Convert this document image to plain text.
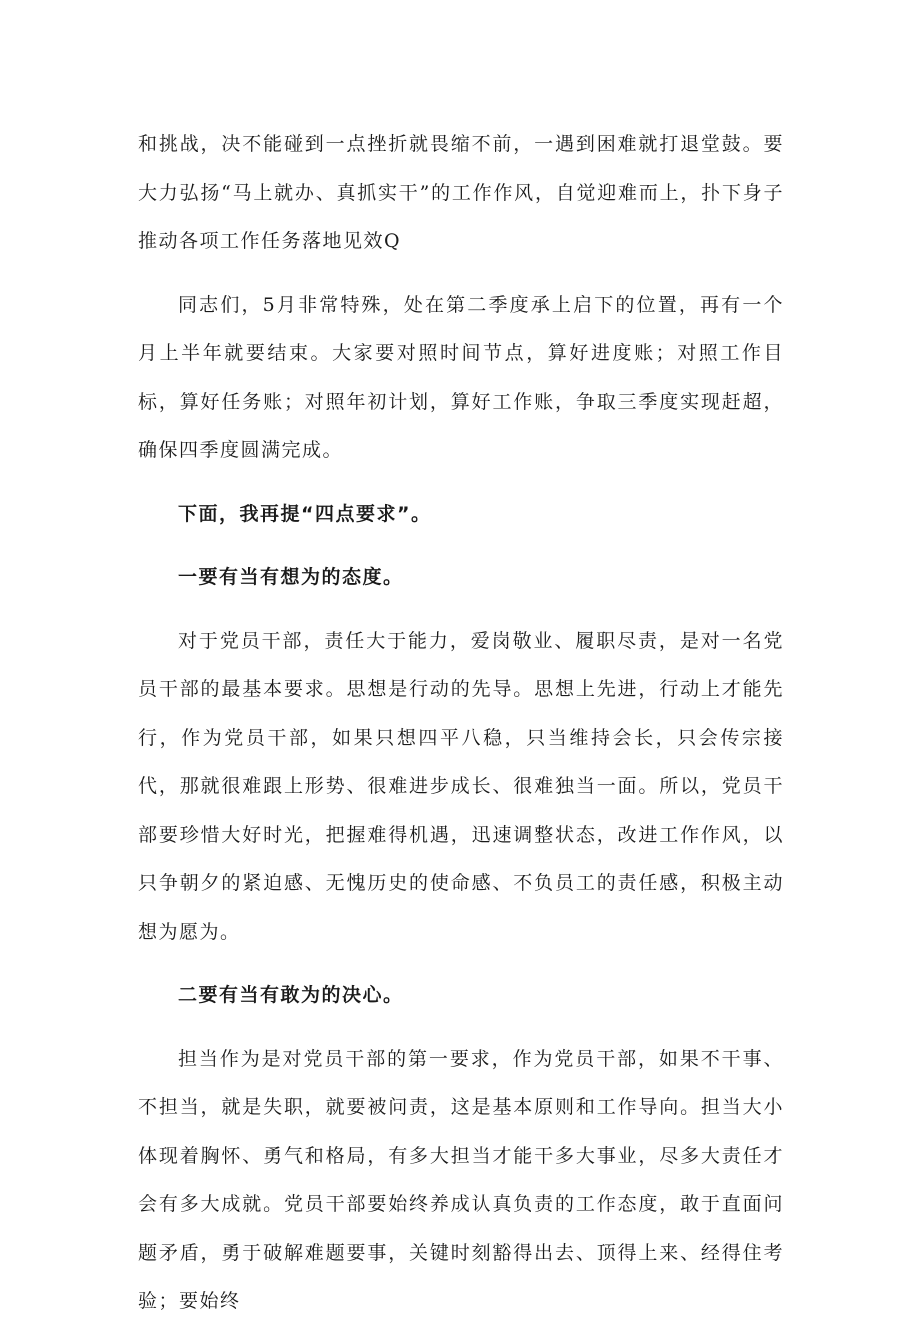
和挑战，决不能碰到一点挫折就畏缩不前，一遇到困难就打退堂鼓。要大力弘扬“马上就办、真抓实干”的工作作风，自觉迎难而上，扑下身子推动各项工作任务落地见效Q

同志们，5月非常特殊，处在第二季度承上启下的位置，再有一个月上半年就要结束。大家要对照时间节点，算好进度账；对照工作目标，算好任务账；对照年初计划，算好工作账，争取三季度实现赶超，确保四季度圆满完成。

下面，我再提“四点要求”。

一要有当有想为的态度。

对于党员干部，责任大于能力，爱岗敬业、履职尽责，是对一名党员干部的最基本要求。思想是行动的先导。思想上先进，行动上才能先行，作为党员干部，如果只想四平八稳，只当维持会长，只会传宗接代，那就很难跟上形势、很难进步成长、很难独当一面。所以，党员干部要珍惜大好时光，把握难得机遇，迅速调整状态，改进工作作风，以只争朝夕的紧迫感、无愧历史的使命感、不负员工的责任感，积极主动想为愿为。

二要有当有敢为的决心。

担当作为是对党员干部的第一要求，作为党员干部，如果不干事、不担当，就是失职，就要被问责，这是基本原则和工作导向。担当大小体现着胸怀、勇气和格局，有多大担当才能干多大事业，尽多大责任才会有多大成就。党员干部要始终养成认真负责的工作态度，敢于直面问题矛盾，勇于破解难题要事，关键时刻豁得出去、顶得上来、经得住考验；要始终
